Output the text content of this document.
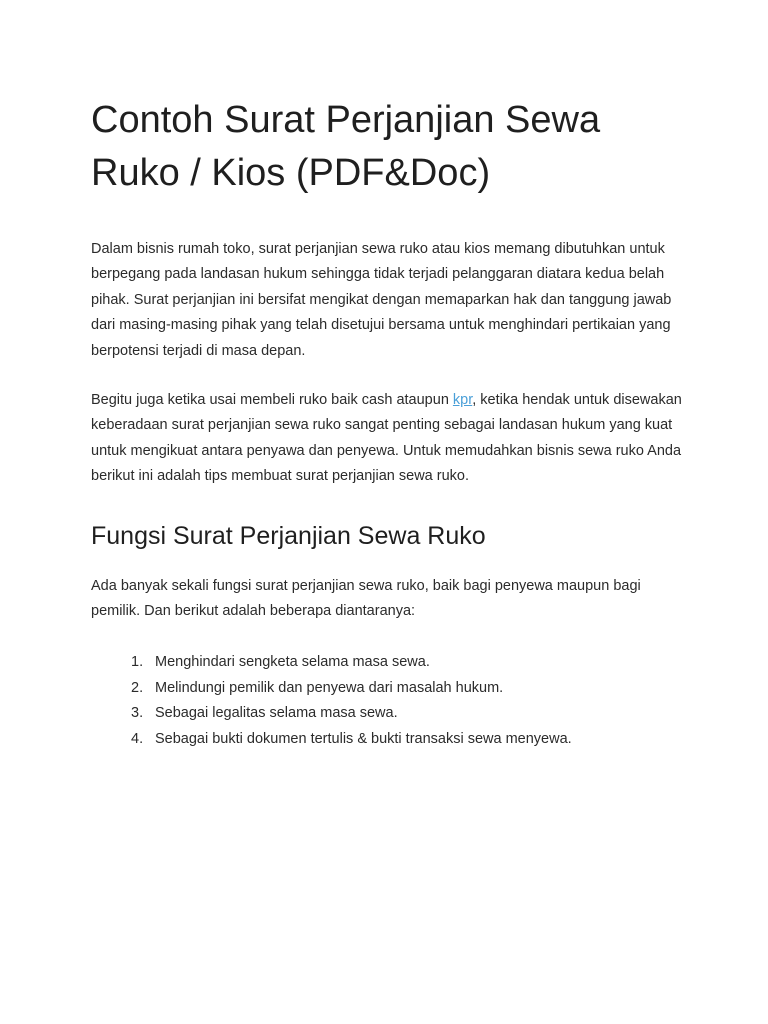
Contoh Surat Perjanjian Sewa Ruko / Kios (PDF&Doc)

Dalam bisnis rumah toko, surat perjanjian sewa ruko atau kios memang dibutuhkan untuk berpegang pada landasan hukum sehingga tidak terjadi pelanggaran diatara kedua belah pihak. Surat perjanjian ini bersifat mengikat dengan memaparkan hak dan tanggung jawab dari masing-masing pihak yang telah disetujui bersama untuk menghindari pertikaian yang berpotensi terjadi di masa depan.

Begitu juga ketika usai membeli ruko baik cash ataupun kpr, ketika hendak untuk disewakan keberadaan surat perjanjian sewa ruko sangat penting sebagai landasan hukum yang kuat untuk mengikuat antara penyawa dan penyewa. Untuk memudahkan bisnis sewa ruko Anda berikut ini adalah tips membuat surat perjanjian sewa ruko.

Fungsi Surat Perjanjian Sewa Ruko

Ada banyak sekali fungsi surat perjanjian sewa ruko, baik bagi penyewa maupun bagi pemilik. Dan berikut adalah beberapa diantaranya:

1. Menghindari sengketa selama masa sewa.
2. Melindungi pemilik dan penyewa dari masalah hukum.
3. Sebagai legalitas selama masa sewa.
4. Sebagai bukti dokumen tertulis & bukti transaksi sewa menyewa.
